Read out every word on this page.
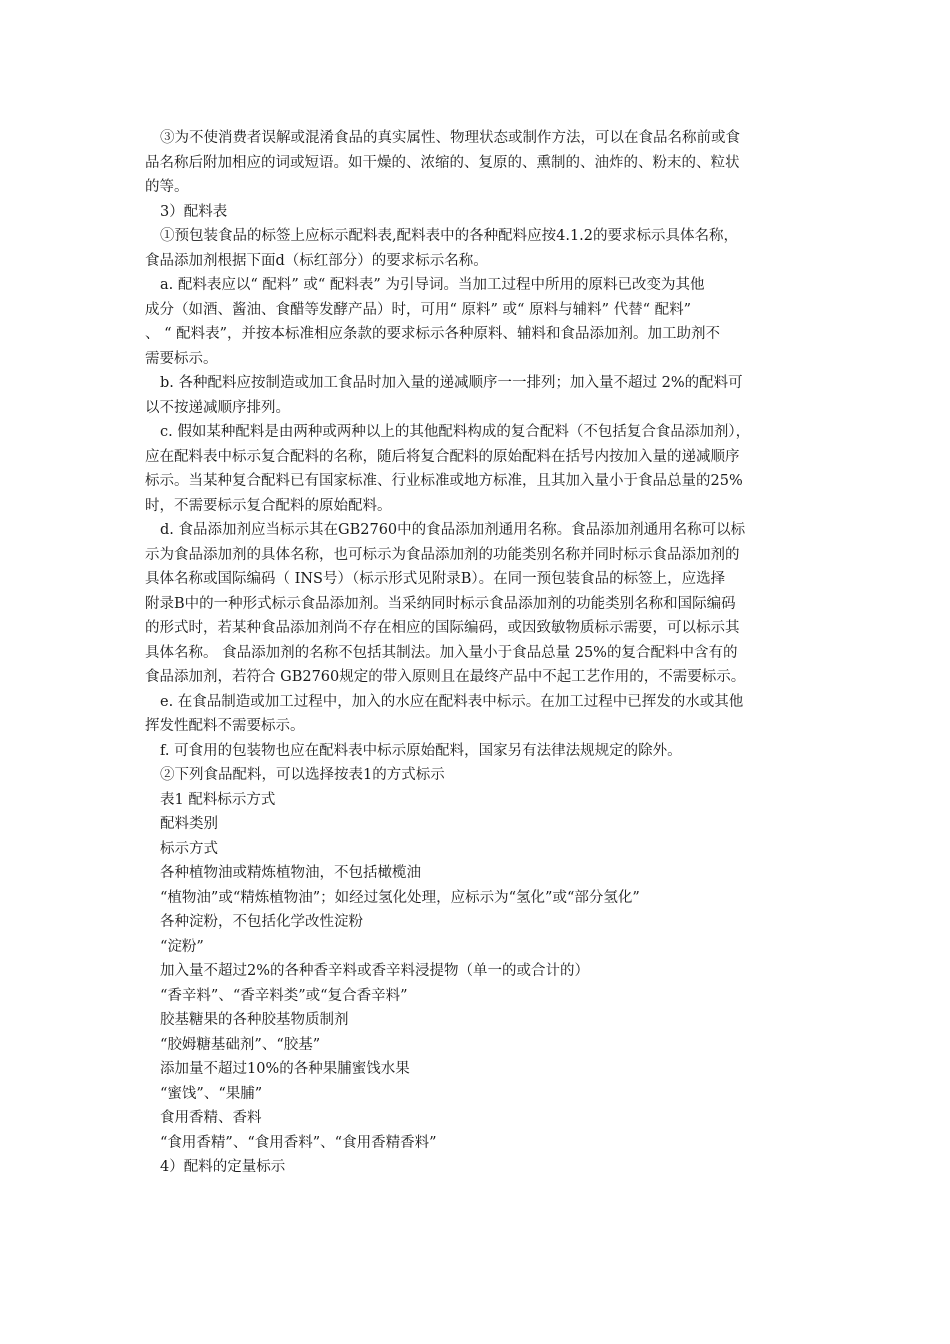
③为不使消费者误解或混淆食品的真实属性、物理状态或制作方法，可以在食品名称前或食
品名称后附加相应的词或短语。如干燥的、浓缩的、复原的、熏制的、油炸的、粉末的、粒状
的等。
3）配料表
①预包装食品的标签上应标示配料表,配料表中的各种配料应按4.1.2的要求标示具体名称，
食品添加剂根据下面d（标红部分）的要求标示名称。
a. 配料表应以“ 配料” 或“ 配料表” 为引导词。当加工过程中所用的原料已改变为其他
成分（如酒、酱油、食醋等发酵产品）时，可用“ 原料” 或“ 原料与辅料” 代替“ 配料”
、 “ 配料表”，并按本标准相应条款的要求标示各种原料、辅料和食品添加剂。加工助剂不
需要标示。
b. 各种配料应按制造或加工食品时加入量的递减顺序一一排列；加入量不超过 2%的配料可
以不按递减顺序排列。
c. 假如某种配料是由两种或两种以上的其他配料构成的复合配料（不包括复合食品添加剂），
应在配料表中标示复合配料的名称，随后将复合配料的原始配料在括号内按加入量的递减顺序
标示。当某种复合配料已有国家标准、行业标准或地方标准，且其加入量小于食品总量的25%
时，不需要标示复合配料的原始配料。
d. 食品添加剂应当标示其在GB2760中的食品添加剂通用名称。食品添加剂通用名称可以标
示为食品添加剂的具体名称，也可标示为食品添加剂的功能类别名称并同时标示食品添加剂的
具体名称或国际编码（ INS号）（标示形式见附录B）。在同一预包装食品的标签上，应选择
附录B中的一种形式标示食品添加剂。当采纳同时标示食品添加剂的功能类别名称和国际编码
的形式时，若某种食品添加剂尚不存在相应的国际编码，或因致敏物质标示需要，可以标示其
具体名称。 食品添加剂的名称不包括其制法。加入量小于食品总量 25%的复合配料中含有的
食品添加剂，若符合 GB2760规定的带入原则且在最终产品中不起工艺作用的，不需要标示。
e. 在食品制造或加工过程中，加入的水应在配料表中标示。在加工过程中已挥发的水或其他
挥发性配料不需要标示。
f. 可食用的包装物也应在配料表中标示原始配料，国家另有法律法规规定的除外。
②下列食品配料，可以选择按表1的方式标示
表1 配料标示方式
配料类别
标示方式
各种植物油或精炼植物油，不包括橄榄油
“植物油”或“精炼植物油”；如经过氢化处理，应标示为“氢化”或“部分氢化”
各种淀粉，不包括化学改性淀粉
“淀粉”
加入量不超过2%的各种香辛料或香辛料浸提物（单一的或合计的）
“香辛料”、“香辛料类”或“复合香辛料”
胶基糖果的各种胶基物质制剂
“胶姆糖基础剂”、“胶基”
添加量不超过10%的各种果脯蜜饯水果
“蜜饯”、“果脯”
食用香精、香料
“食用香精”、“食用香料”、“食用香精香料”
4）配料的定量标示
